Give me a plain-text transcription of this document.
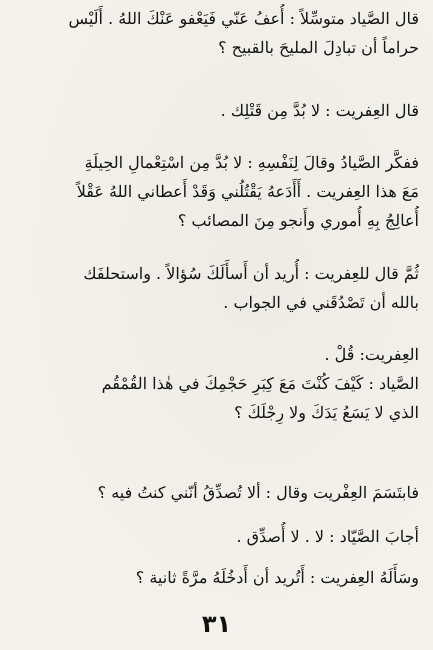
قال الصَّياد متوسِّلاً : أُعفُ عَنّي فَيَعْفو عَنْكَ اللهُ . أَلَيْس
حراماً أن تبادِلَ المليحَ بالقبيح ؟
قال العِفريت : لا بُدَّ مِن قَتْلِك .
ففكَّر الصَّيادُ وقالَ لِنَفْسِهِ : لا بُدَّ مِن اسْتِعْمالِ الحِيلَةِ
مَعَ هذا العِفريت . أَأَدَعهُ يَقْتُلُني وَقَدْ أَعطاني اللهُ عَقْلاً
أُعالِجُ بِهِ أُموري وأَنجو مِنَ المصائب ؟
ثُمَّ قال للعِفريت : أُريد أن أَسأَلَكَ سُؤالاً . واستحلفَك
بالله أن تَصْدُقَني في الجواب .
العِفريت: قُلْ .
الصَّياد : كَيْفَ كُنْتَ مَعَ كِبَرِ حَجْمِكَ في هٰذا القُمْقُم
الذي لا يَسَعُ يَدَكَ ولا رِجْلَكَ ؟
فابتَسَمَ العِفْريت وقال : ألا تُصدِّقُ أنّني كنتُ فيه ؟
أجابَ الصَّيّاد : لا . لا أُصدِّق .
وسَأَلَهُ العِفريت : أَتُريد أن أَدخُلَهُ مرَّةً ثانية ؟
٣١
